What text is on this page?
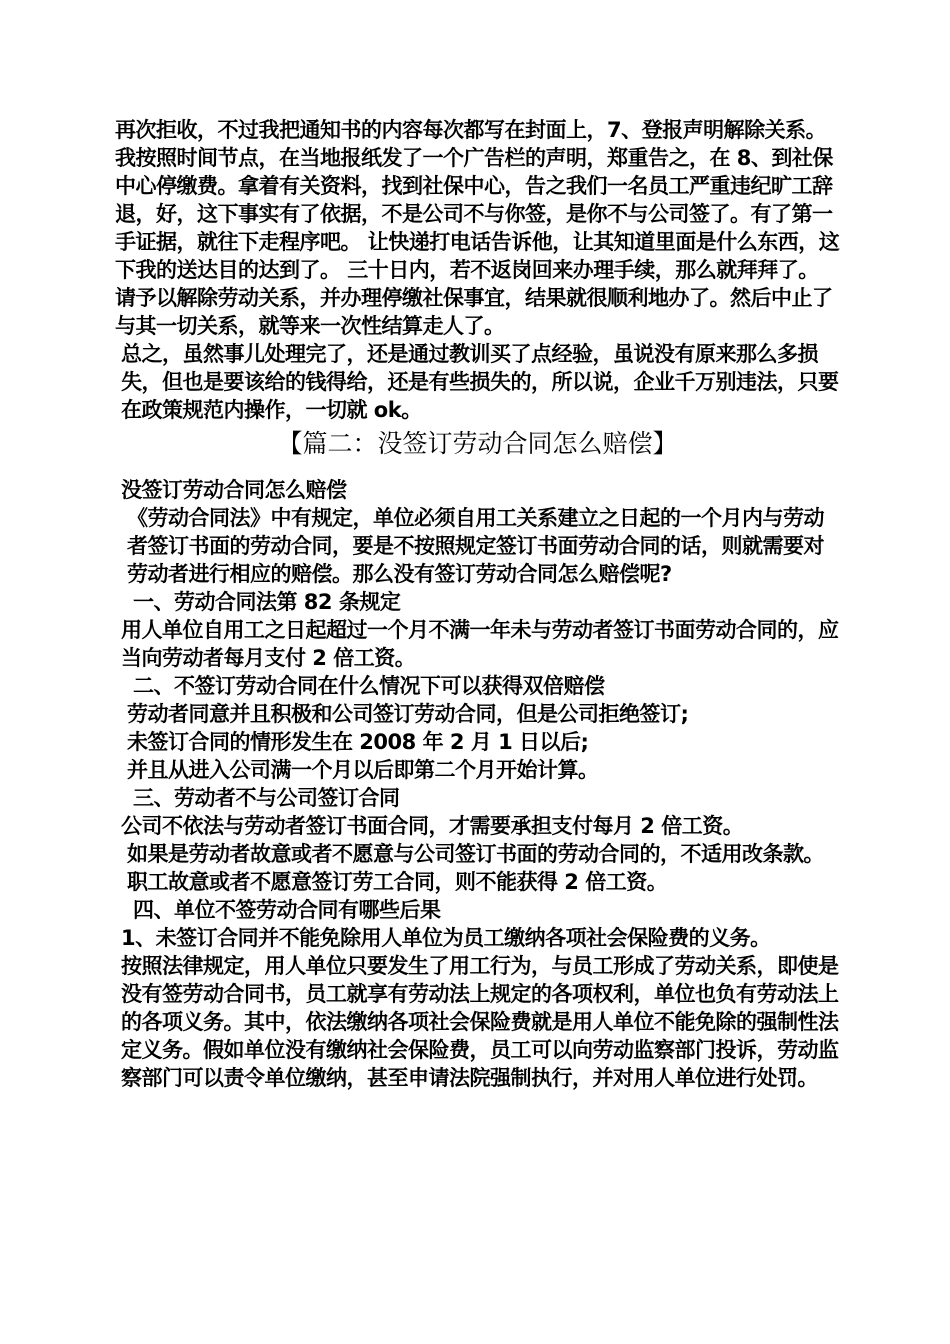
再次拒收，不过我把通知书的内容每次都写在封面上，7、登报声明解除关系。我按照时间节点，在当地报纸发了一个广告栏的声明，郑重告之，在 8、到社保中心停缴费。拿着有关资料，找到社保中心，告之我们一名员工严重违纪旷工辞退，好，这下事实有了依据，不是公司不与你签，是你不与公司签了。有了第一手证据，就往下走程序吧。 让快递打电话告诉他，让其知道里面是什么东西，这下我的送达目的达到了。 三十日内，若不返岗回来办理手续，那么就拜拜了。 请予以解除劳动关系，并办理停缴社保事宜，结果就很顺利地办了。然后中止了与其一切关系，就等来一次性结算走人了。

总之，虽然事儿处理完了，还是通过教训买了点经验，虽说没有原来那么多损失，但也是要该给的钱得给，还是有些损失的，所以说，企业千万别违法，只要在政策规范内操作，一切就 ok。

【篇二：没签订劳动合同怎么赔偿】

没签订劳动合同怎么赔偿

《劳动合同法》中有规定，单位必须自用工关系建立之日起的一个月内与劳动者签订书面的劳动合同，要是不按照规定签订书面劳动合同的话，则就需要对劳动者进行相应的赔偿。那么没有签订劳动合同怎么赔偿呢?

一、劳动合同法第 82 条规定

用人单位自用工之日起超过一个月不满一年未与劳动者签订书面劳动合同的，应当向劳动者每月支付 2 倍工资。

二、不签订劳动合同在什么情况下可以获得双倍赔偿

劳动者同意并且积极和公司签订劳动合同，但是公司拒绝签订;

未签订合同的情形发生在 2008 年 2 月 1 日以后;

并且从进入公司满一个月以后即第二个月开始计算。

三、劳动者不与公司签订合同

公司不依法与劳动者签订书面合同，才需要承担支付每月 2 倍工资。

如果是劳动者故意或者不愿意与公司签订书面的劳动合同的，不适用改条款。

职工故意或者不愿意签订劳工合同，则不能获得 2 倍工资。

四、单位不签劳动合同有哪些后果

1、未签订合同并不能免除用人单位为员工缴纳各项社会保险费的义务。

按照法律规定，用人单位只要发生了用工行为，与员工形成了劳动关系，即使是没有签劳动合同书，员工就享有劳动法上规定的各项权利，单位也负有劳动法上的各项义务。其中，依法缴纳各项社会保险费就是用人单位不能免除的强制性法定义务。假如单位没有缴纳社会保险费，员工可以向劳动监察部门投诉，劳动监察部门可以责令单位缴纳，甚至申请法院强制执行，并对用人单位进行处罚。
